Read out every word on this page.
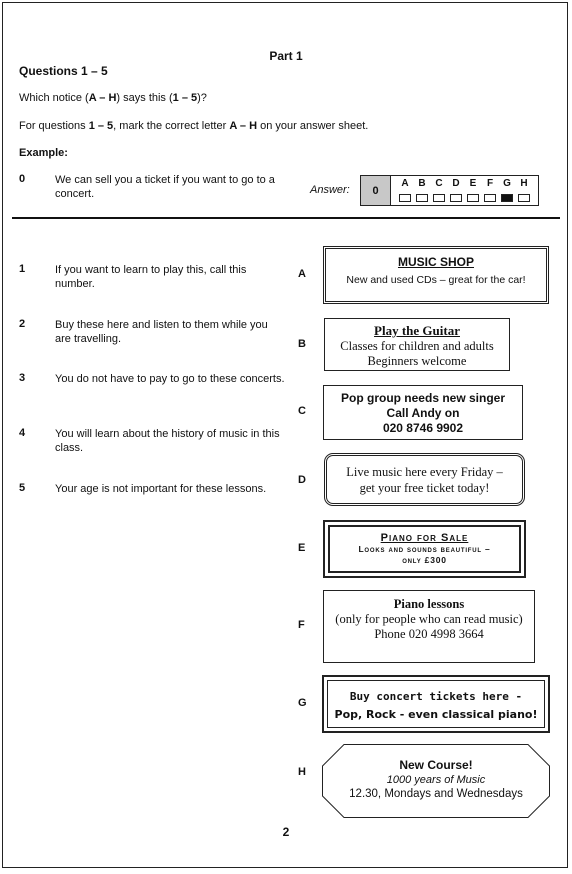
Part 1
Questions 1 – 5
Which notice (A – H) says this (1 – 5)?
For questions 1 – 5, mark the correct letter A – H on your answer sheet.
Example:
0	We can sell you a ticket if you want to go to a concert.	Answer:	0
A B C D	E	F	G H
1	If you want to learn to play this, call this number.
2	Buy these here and listen to them while you are travelling.
3	You do not have to pay to go to these concerts.
4	You will learn about the history of music in this class.
5	Your age is not important for these lessons.
A
B
C
D
E
F
G
H
MUSIC SHOP
New and used CDs – great for the car!
Play the Guitar
Classes for children and adults
Beginners welcome
Pop group needs new singer
Call Andy on
020 8746 9902
Live music here every Friday –
get your free ticket today!
Piano for Sale
Looks and sounds beautiful –
only £300
Piano lessons
(only for people who can read music)
Phone 020 4998 3664
Buy concert tickets here -
Pop, Rock - even classical piano!
New Course!
1000 years of Music
12.30, Mondays and Wednesdays
2
